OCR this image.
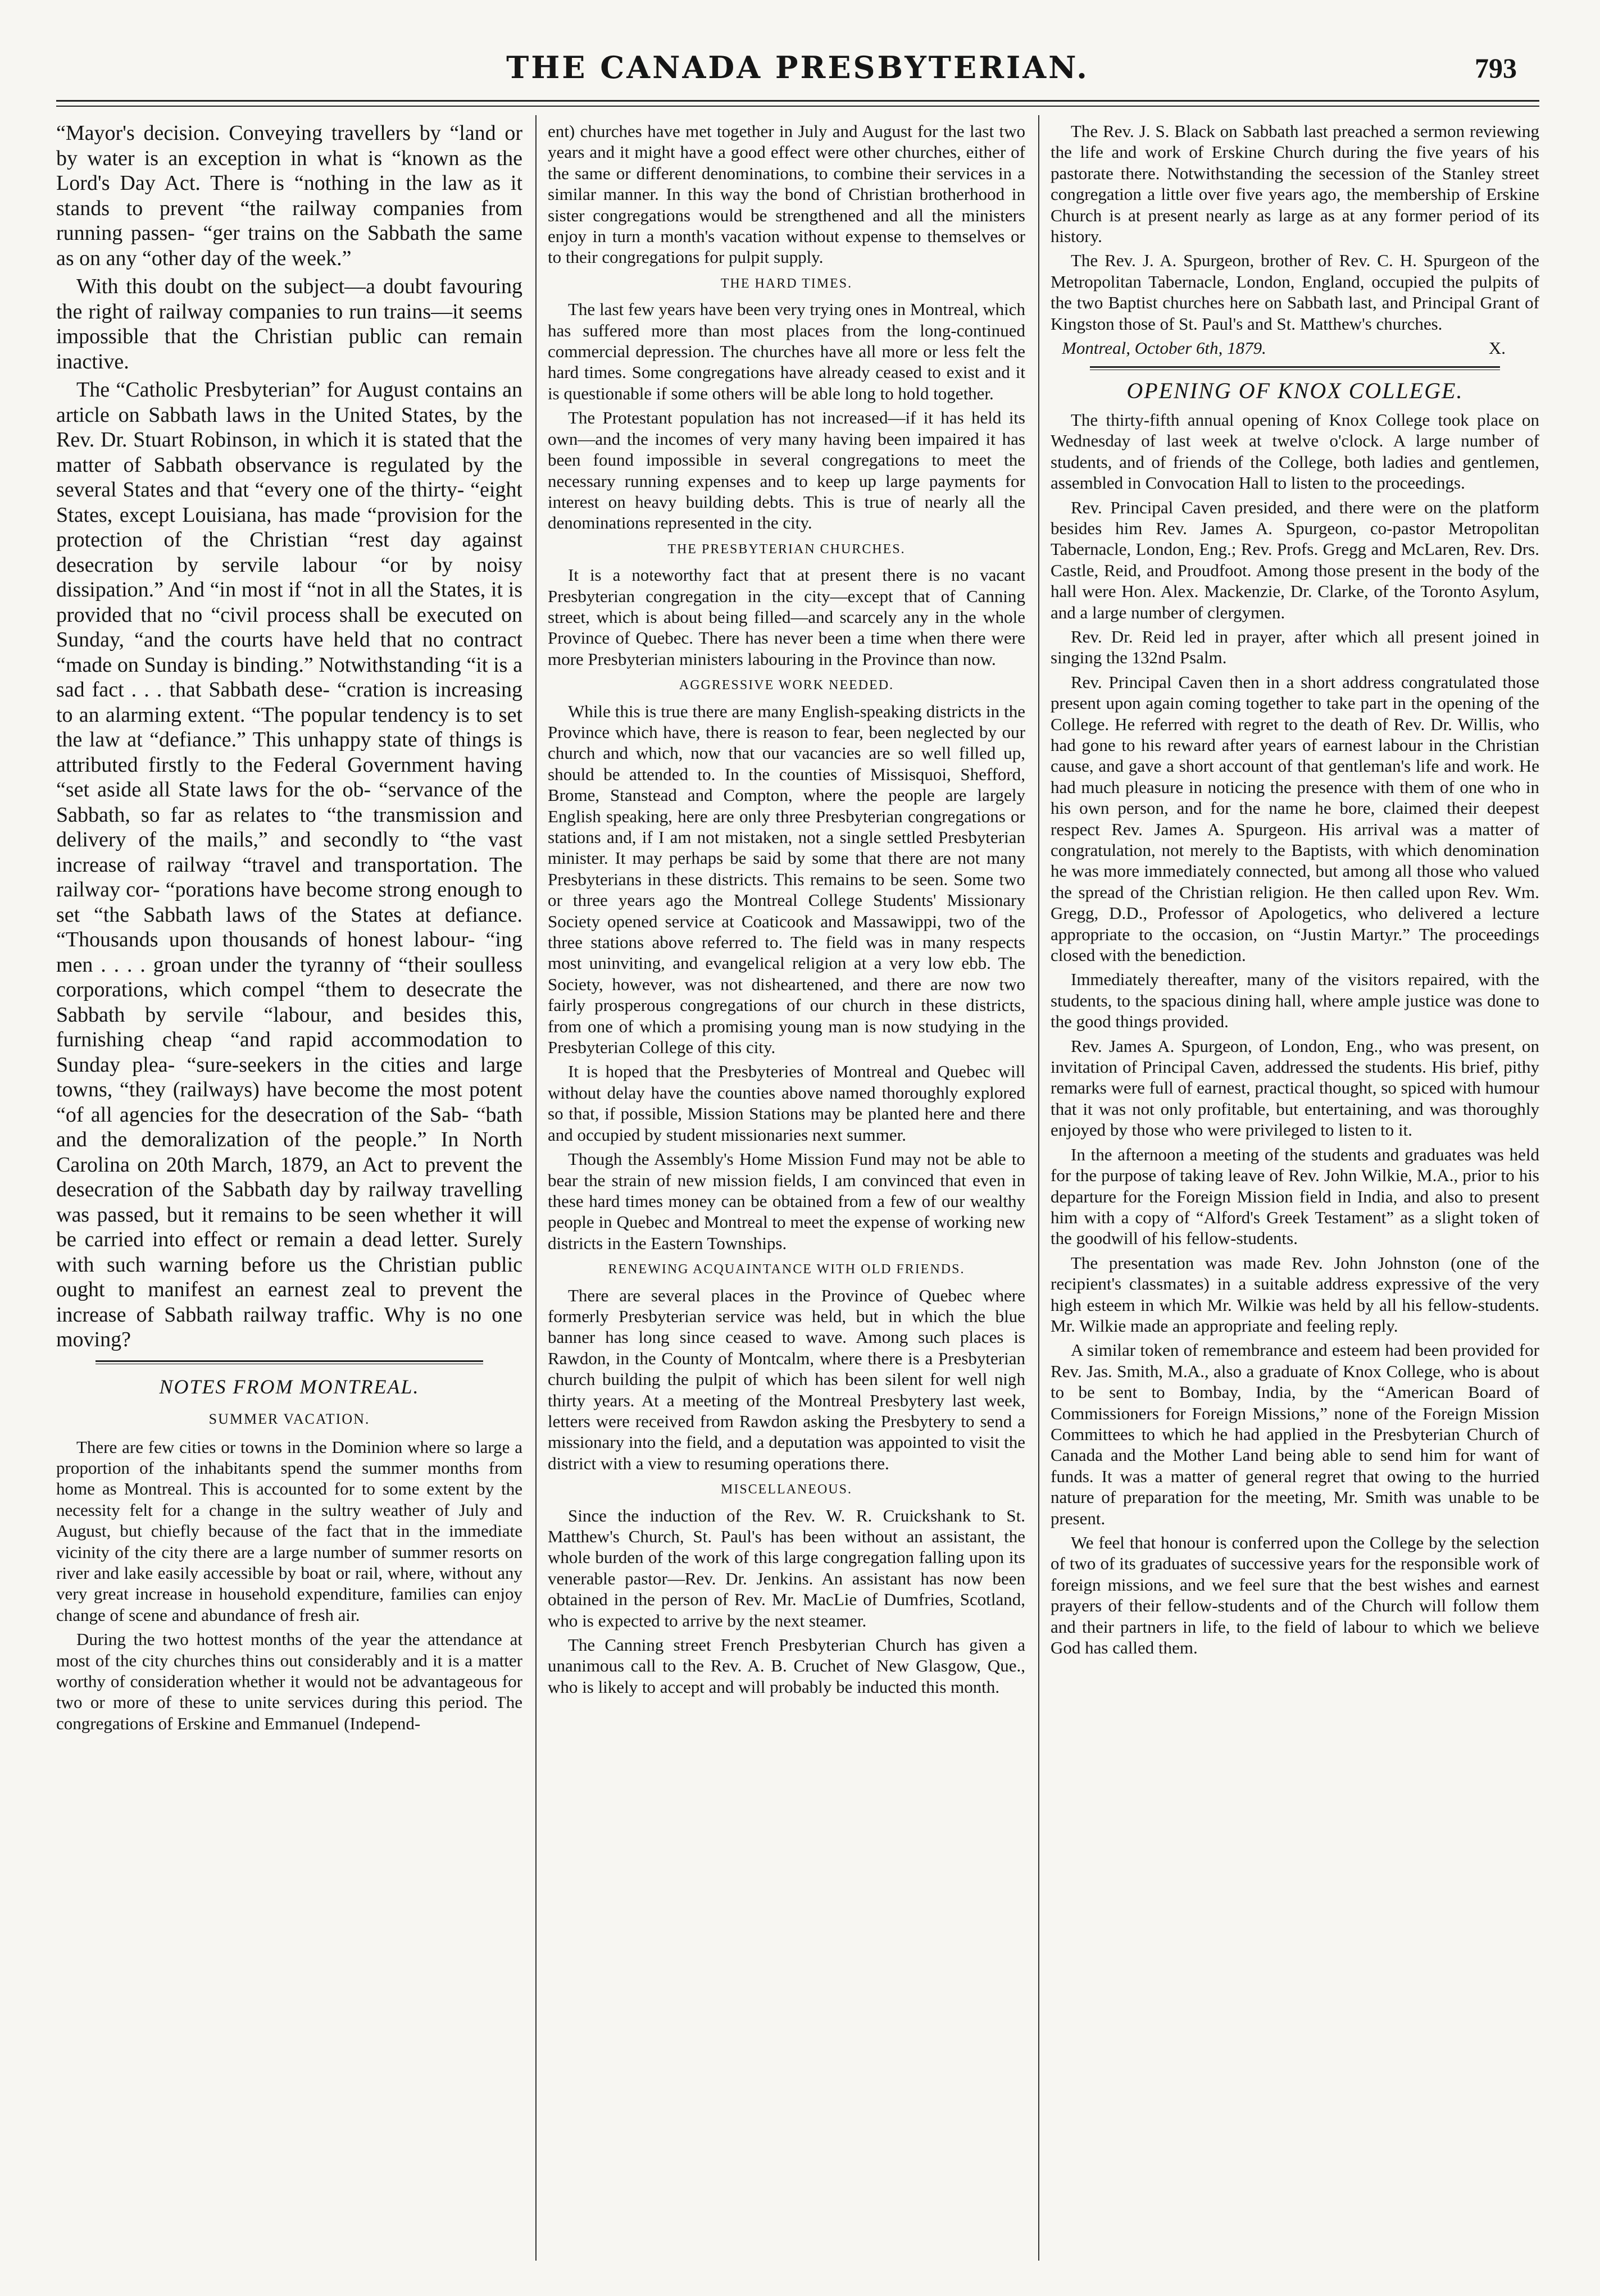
THE CANADA PRESBYTERIAN.	793

“Mayor's decision. Conveying travellers by “land or by water is an exception in what is “known as the Lord's Day Act. There is “nothing in the law as it stands to prevent “the railway companies from running passen- “ger trains on the Sabbath the same as on any “other day of the week.”

With this doubt on the subject—a doubt favouring the right of railway companies to run trains—it seems impossible that the Christian public can remain inactive.

The “Catholic Presbyterian” for August contains an article on Sabbath laws in the United States, by the Rev. Dr. Stuart Robinson, in which it is stated that the matter of Sabbath observance is regulated by the several States and that “every one of the thirty- “eight States, except Louisiana, has made “provision for the protection of the Christian “rest day against desecration by servile labour “or by noisy dissipation.” And “in most if “not in all the States, it is provided that no “civil process shall be executed on Sunday, “and the courts have held that no contract “made on Sunday is binding.” Notwithstanding “it is a sad fact . . . that Sabbath dese- “cration is increasing to an alarming extent. “The popular tendency is to set the law at “defiance.” This unhappy state of things is attributed firstly to the Federal Government having “set aside all State laws for the ob- “servance of the Sabbath, so far as relates to “the transmission and delivery of the mails,” and secondly to “the vast increase of railway “travel and transportation. The railway cor- “porations have become strong enough to set “the Sabbath laws of the States at defiance. “Thousands upon thousands of honest labour- “ing men . . . . groan under the tyranny of “their soulless corporations, which compel “them to desecrate the Sabbath by servile “labour, and besides this, furnishing cheap “and rapid accommodation to Sunday plea- “sure-seekers in the cities and large towns, “they (railways) have become the most potent “of all agencies for the desecration of the Sab- “bath and the demoralization of the people.” In North Carolina on 20th March, 1879, an Act to prevent the desecration of the Sabbath day by railway travelling was passed, but it remains to be seen whether it will be carried into effect or remain a dead letter. Surely with such warning before us the Christian public ought to manifest an earnest zeal to prevent the increase of Sabbath railway traffic. Why is no one moving?

NOTES FROM MONTREAL.
SUMMER VACATION.

There are few cities or towns in the Dominion where so large a proportion of the inhabitants spend the summer months from home as Montreal. This is accounted for to some extent by the necessity felt for a change in the sultry weather of July and August, but chiefly because of the fact that in the immediate vicinity of the city there are a large number of summer resorts on river and lake easily accessible by boat or rail, where, without any very great increase in household expenditure, families can enjoy change of scene and abundance of fresh air.

During the two hottest months of the year the attendance at most of the city churches thins out considerably and it is a matter worthy of consideration whether it would not be advantageous for two or more of these to unite services during this period. The congregations of Erskine and Emmanuel (Independ-

ent) churches have met together in July and August for the last two years and it might have a good effect were other churches, either of the same or different denominations, to combine their services in a similar manner. In this way the bond of Christian brotherhood in sister congregations would be strengthened and all the ministers enjoy in turn a month's vacation without expense to themselves or to their congregations for pulpit supply.

THE HARD TIMES.

The last few years have been very trying ones in Montreal, which has suffered more than most places from the long-continued commercial depression. The churches have all more or less felt the hard times. Some congregations have already ceased to exist and it is questionable if some others will be able long to hold together.

The Protestant population has not increased—if it has held its own—and the incomes of very many having been impaired it has been found impossible in several congregations to meet the necessary running expenses and to keep up large payments for interest on heavy building debts. This is true of nearly all the denominations represented in the city.

THE PRESBYTERIAN CHURCHES.

It is a noteworthy fact that at present there is no vacant Presbyterian congregation in the city—except that of Canning street, which is about being filled—and scarcely any in the whole Province of Quebec. There has never been a time when there were more Presbyterian ministers labouring in the Province than now.

AGGRESSIVE WORK NEEDED.

While this is true there are many English-speaking districts in the Province which have, there is reason to fear, been neglected by our church and which, now that our vacancies are so well filled up, should be attended to. In the counties of Missisquoi, Shefford, Brome, Stanstead and Compton, where the people are largely English speaking, here are only three Presbyterian congregations or stations and, if I am not mistaken, not a single settled Presbyterian minister. It may perhaps be said by some that there are not many Presbyterians in these districts. This remains to be seen. Some two or three years ago the Montreal College Students' Missionary Society opened service at Coaticook and Massawippi, two of the three stations above referred to. The field was in many respects most uninviting, and evangelical religion at a very low ebb. The Society, however, was not disheartened, and there are now two fairly prosperous congregations of our church in these districts, from one of which a promising young man is now studying in the Presbyterian College of this city.

It is hoped that the Presbyteries of Montreal and Quebec will without delay have the counties above named thoroughly explored so that, if possible, Mission Stations may be planted here and there and occupied by student missionaries next summer.

Though the Assembly's Home Mission Fund may not be able to bear the strain of new mission fields, I am convinced that even in these hard times money can be obtained from a few of our wealthy people in Quebec and Montreal to meet the expense of working new districts in the Eastern Townships.

RENEWING ACQUAINTANCE WITH OLD FRIENDS.

There are several places in the Province of Quebec where formerly Presbyterian service was held, but in which the blue banner has long since ceased to wave. Among such places is Rawdon, in the County of Montcalm, where there is a Presbyterian church building the pulpit of which has been silent for well nigh thirty years. At a meeting of the Montreal Presbytery last week, letters were received from Rawdon asking the Presbytery to send a missionary into the field, and a deputation was appointed to visit the district with a view to resuming operations there.

MISCELLANEOUS.

Since the induction of the Rev. W. R. Cruickshank to St. Matthew's Church, St. Paul's has been without an assistant, the whole burden of the work of this large congregation falling upon its venerable pastor—Rev. Dr. Jenkins. An assistant has now been obtained in the person of Rev. Mr. MacLie of Dumfries, Scotland, who is expected to arrive by the next steamer.

The Canning street French Presbyterian Church has given a unanimous call to the Rev. A. B. Cruchet of New Glasgow, Que., who is likely to accept and will probably be inducted this month.

The Rev. J. S. Black on Sabbath last preached a sermon reviewing the life and work of Erskine Church during the five years of his pastorate there. Notwithstanding the secession of the Stanley street congregation a little over five years ago, the membership of Erskine Church is at present nearly as large as at any former period of its history.

The Rev. J. A. Spurgeon, brother of Rev. C. H. Spurgeon of the Metropolitan Tabernacle, London, England, occupied the pulpits of the two Baptist churches here on Sabbath last, and Principal Grant of Kingston those of St. Paul's and St. Matthew's churches.

Montreal, October 6th, 1879.	X.
OPENING OF KNOX COLLEGE.

The thirty-fifth annual opening of Knox College took place on Wednesday of last week at twelve o'clock. A large number of students, and of friends of the College, both ladies and gentlemen, assembled in Convocation Hall to listen to the proceedings.

Rev. Principal Caven presided, and there were on the platform besides him Rev. James A. Spurgeon, co-pastor Metropolitan Tabernacle, London, Eng.; Rev. Profs. Gregg and McLaren, Rev. Drs. Castle, Reid, and Proudfoot. Among those present in the body of the hall were Hon. Alex. Mackenzie, Dr. Clarke, of the Toronto Asylum, and a large number of clergymen.

Rev. Dr. Reid led in prayer, after which all present joined in singing the 132nd Psalm.

Rev. Principal Caven then in a short address congratulated those present upon again coming together to take part in the opening of the College. He referred with regret to the death of Rev. Dr. Willis, who had gone to his reward after years of earnest labour in the Christian cause, and gave a short account of that gentleman's life and work. He had much pleasure in noticing the presence with them of one who in his own person, and for the name he bore, claimed their deepest respect Rev. James A. Spurgeon. His arrival was a matter of congratulation, not merely to the Baptists, with which denomination he was more immediately connected, but among all those who valued the spread of the Christian religion. He then called upon Rev. Wm. Gregg, D.D., Professor of Apologetics, who delivered a lecture appropriate to the occasion, on “Justin Martyr.” The proceedings closed with the benediction.

Immediately thereafter, many of the visitors repaired, with the students, to the spacious dining hall, where ample justice was done to the good things provided.

Rev. James A. Spurgeon, of London, Eng., who was present, on invitation of Principal Caven, addressed the students. His brief, pithy remarks were full of earnest, practical thought, so spiced with humour that it was not only profitable, but entertaining, and was thoroughly enjoyed by those who were privileged to listen to it.

In the afternoon a meeting of the students and graduates was held for the purpose of taking leave of Rev. John Wilkie, M.A., prior to his departure for the Foreign Mission field in India, and also to present him with a copy of “Alford's Greek Testament” as a slight token of the goodwill of his fellow-students.

The presentation was made Rev. John Johnston (one of the recipient's classmates) in a suitable address expressive of the very high esteem in which Mr. Wilkie was held by all his fellow-students. Mr. Wilkie made an appropriate and feeling reply.

A similar token of remembrance and esteem had been provided for Rev. Jas. Smith, M.A., also a graduate of Knox College, who is about to be sent to Bombay, India, by the “American Board of Commissioners for Foreign Missions,” none of the Foreign Mission Committees to which he had applied in the Presbyterian Church of Canada and the Mother Land being able to send him for want of funds. It was a matter of general regret that owing to the hurried nature of preparation for the meeting, Mr. Smith was unable to be present.

We feel that honour is conferred upon the College by the selection of two of its graduates of successive years for the responsible work of foreign missions, and we feel sure that the best wishes and earnest prayers of their fellow-students and of the Church will follow them and their partners in life, to the field of labour to which we believe God has called them.
